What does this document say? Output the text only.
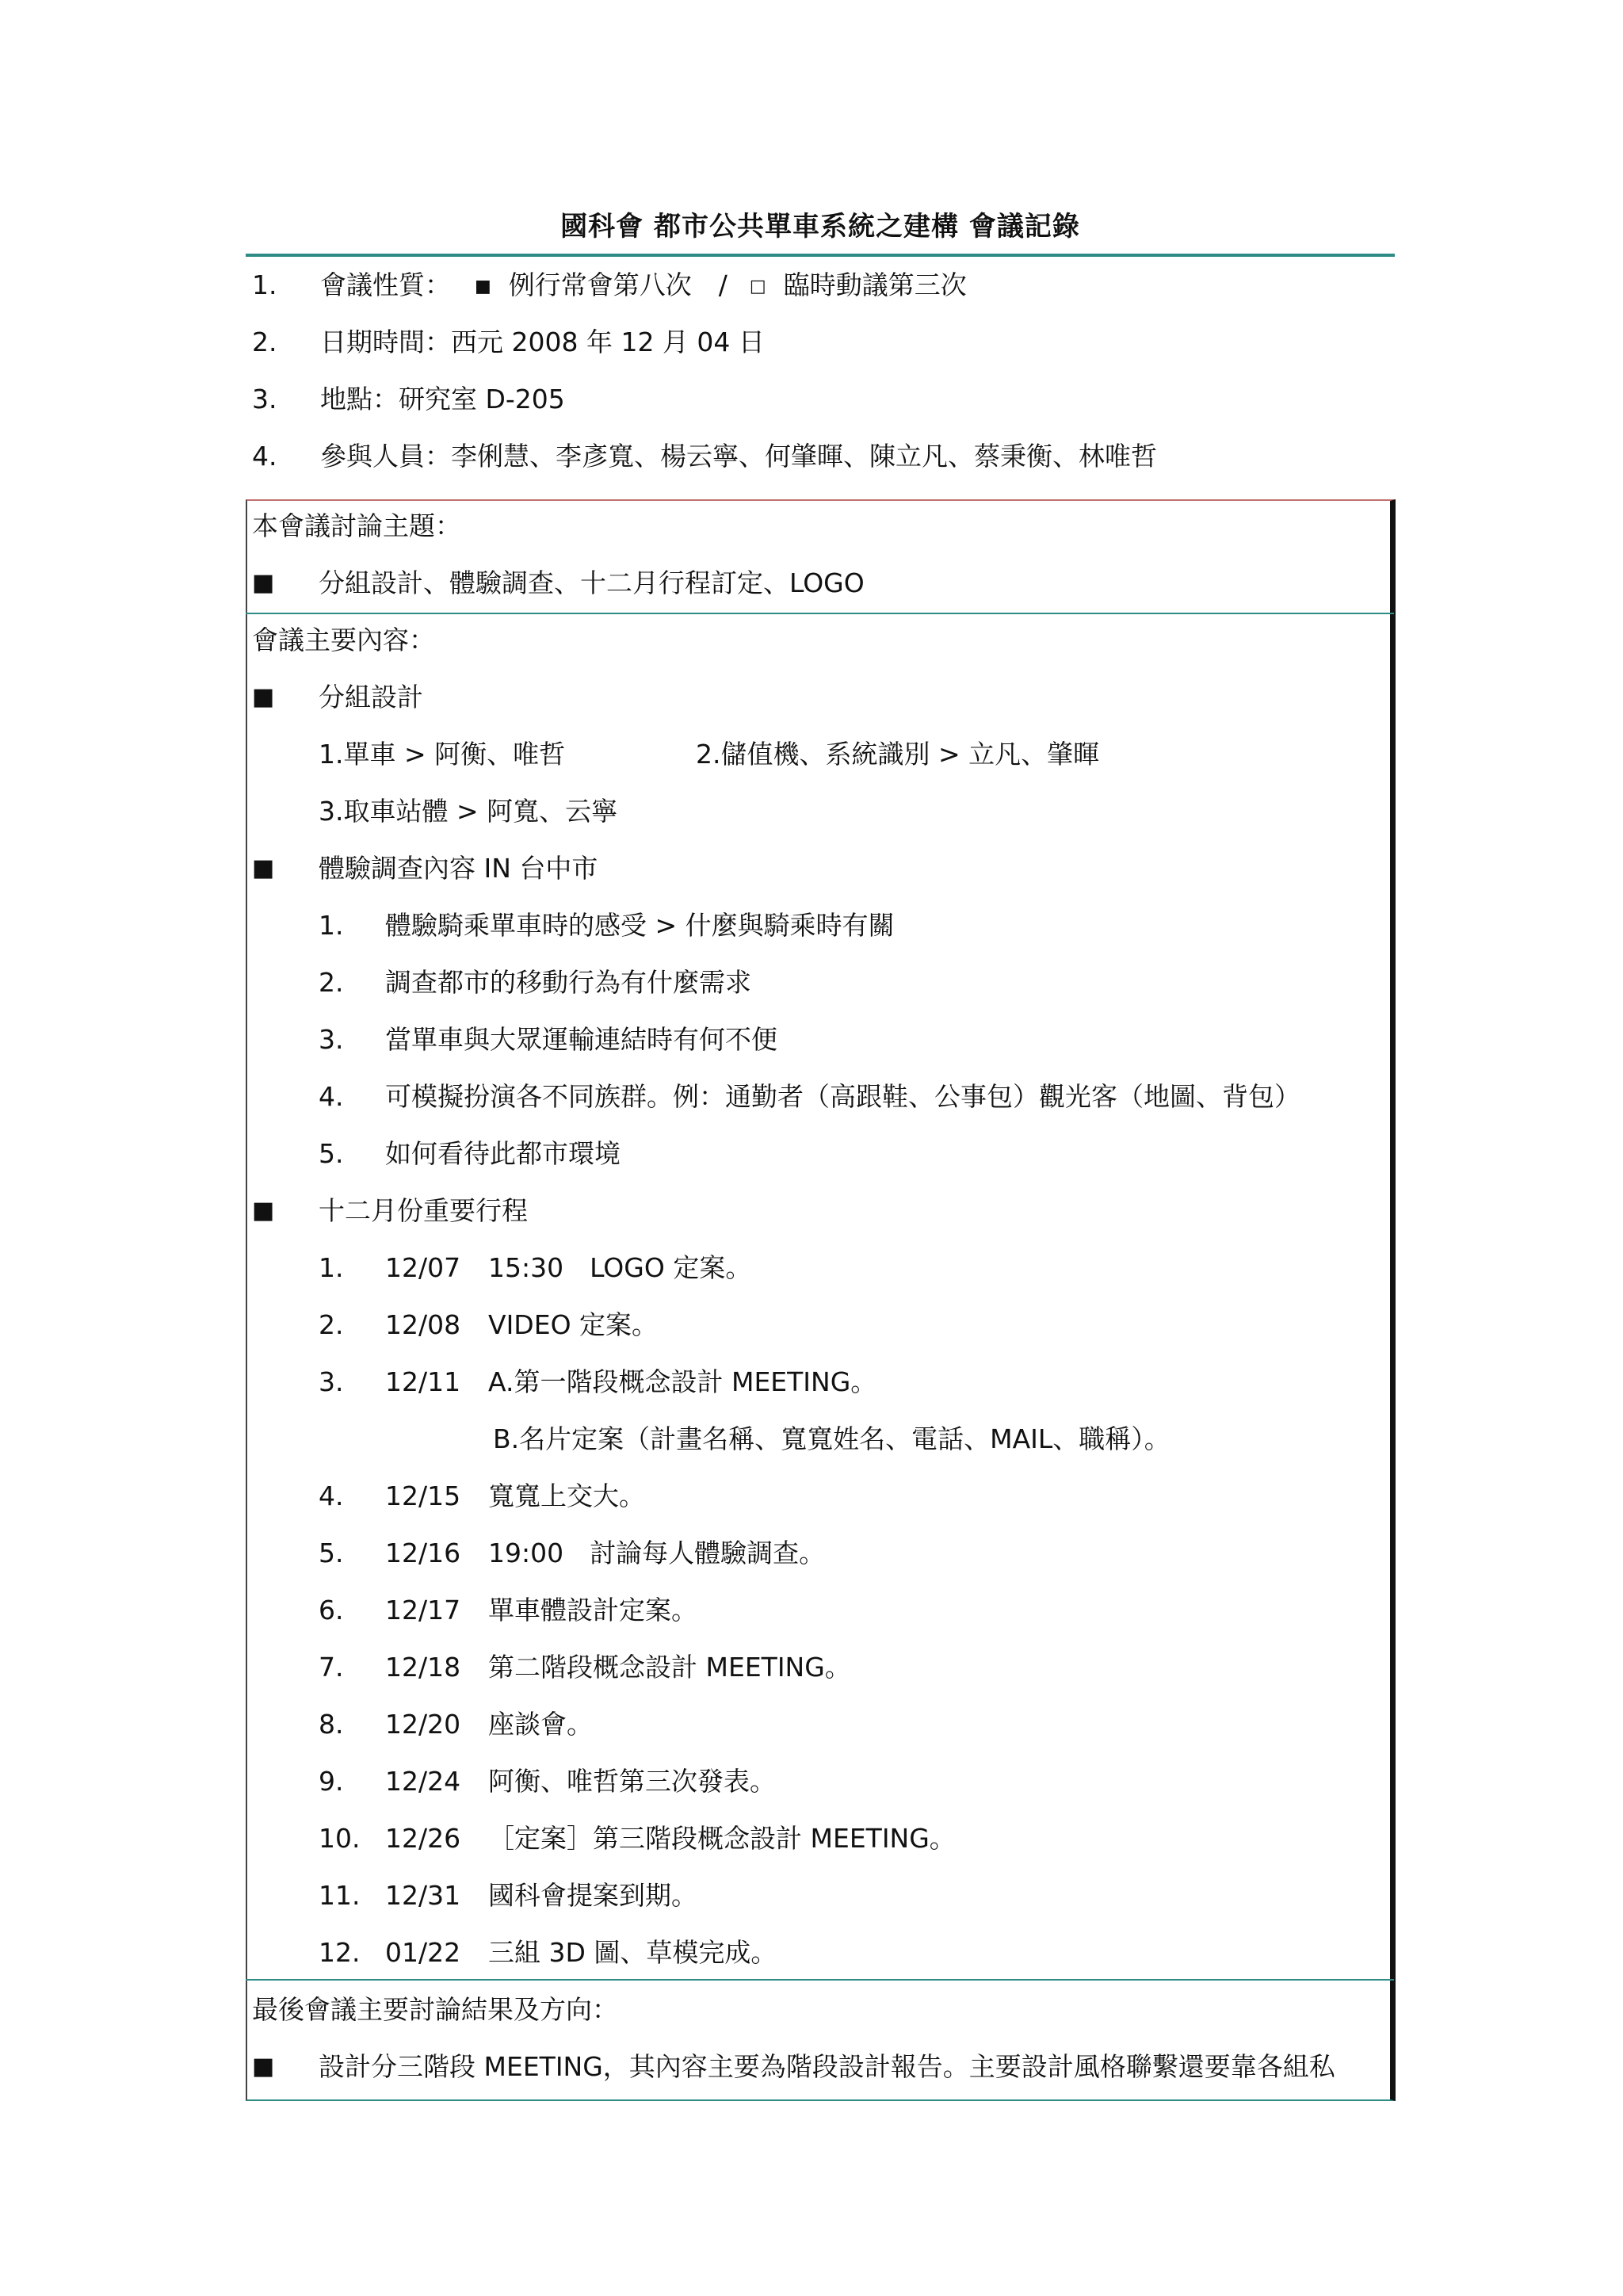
國科會 都市公共單車系統之建構 會議記錄
1. 會議性質： ■ 例行常會第八次 / □ 臨時動議第三次
2. 日期時間：西元 2008 年 12 月 04 日
3. 地點：研究室 D-205
4. 參與人員：李俐慧、李彥寬、楊云寧、何肇暉、陳立凡、蔡秉衡、林唯哲
本會議討論主題：
■ 分組設計、體驗調查、十二月行程訂定、LOGO
會議主要內容：
■ 分組設計
1.單車 > 阿衡、唯哲	2.儲值機、系統識別 > 立凡、肇暉
3.取車站體 > 阿寬、云寧
■ 體驗調查內容 IN 台中市
1. 體驗騎乘單車時的感受 > 什麼與騎乘時有關
2. 調查都市的移動行為有什麼需求
3. 當單車與大眾運輸連結時有何不便
4. 可模擬扮演各不同族群。例：通勤者（高跟鞋、公事包）觀光客（地圖、背包）
5. 如何看待此都市環境
■ 十二月份重要行程
1. 12/07 15:30　LOGO 定案。
2. 12/08 VIDEO 定案。
3. 12/11 A.第一階段概念設計 MEETING。
B.名片定案（計畫名稱、寬寬姓名、電話、MAIL、職稱）。
4. 12/15 寬寬上交大。
5. 12/16 19:00　討論每人體驗調查。
6. 12/17 單車體設計定案。
7. 12/18 第二階段概念設計 MEETING。
8. 12/20 座談會。
9. 12/24 阿衡、唯哲第三次發表。
10. 12/26 ［定案］第三階段概念設計 MEETING。
11. 12/31 國科會提案到期。
12. 01/22 三組 3D 圖、草模完成。
最後會議主要討論結果及方向：
■ 設計分三階段 MEETING，其內容主要為階段設計報告。主要設計風格聯繫還要靠各組私
